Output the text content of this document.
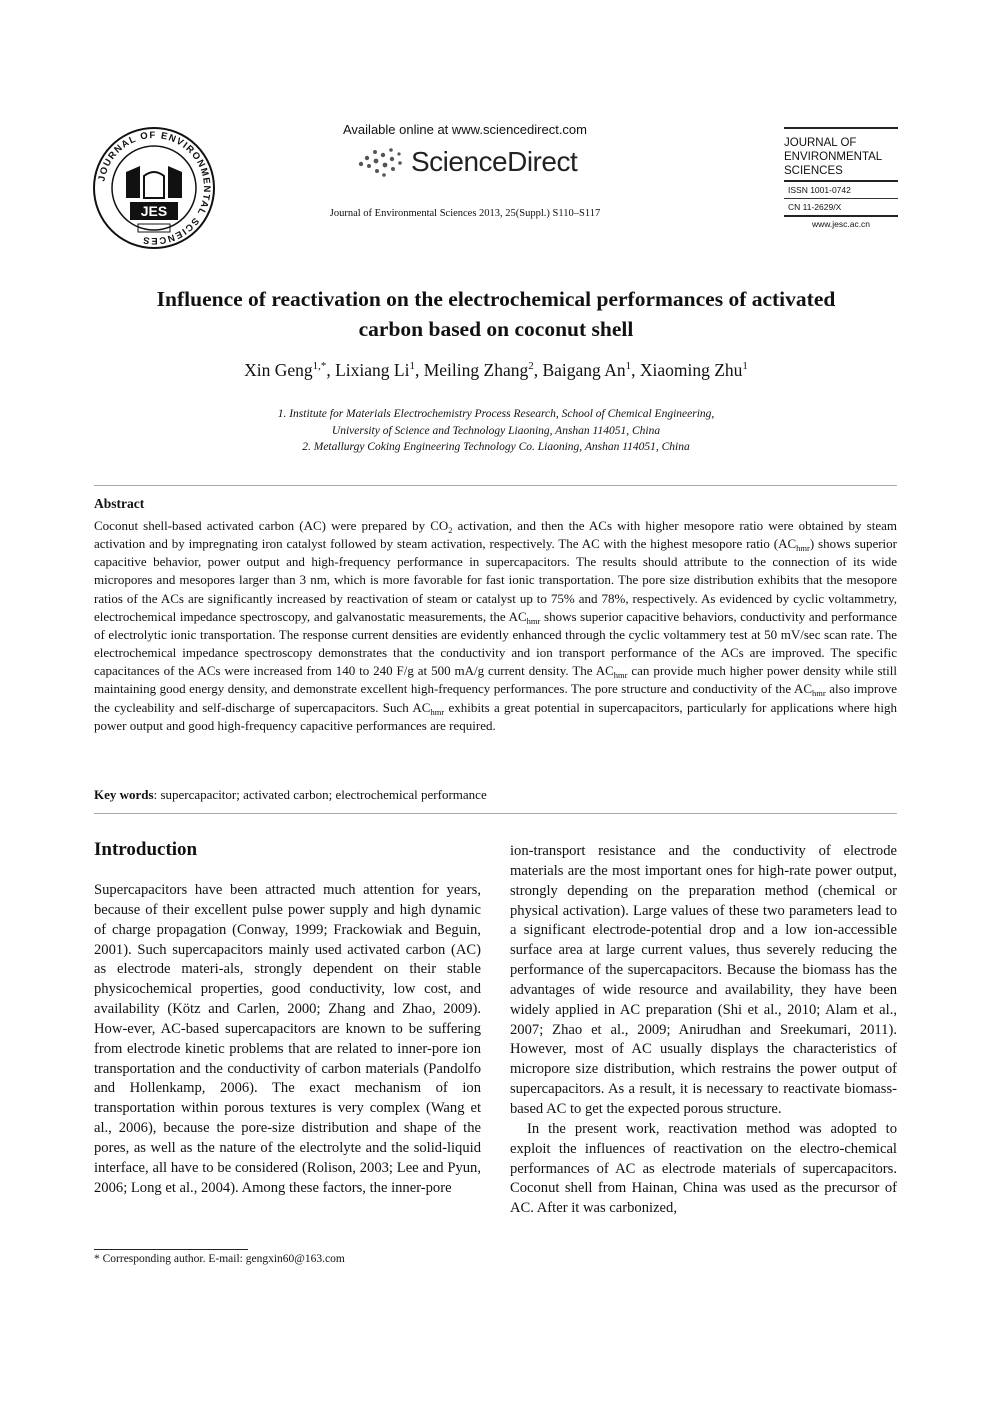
JOURNAL OF ENVIRONMENTAL SCIENCES
JES
Available online at www.sciencedirect.com
ScienceDirect
Journal of Environmental Sciences 2013, 25(Suppl.) S110–S117
JOURNAL OF
ENVIRONMENTAL
SCIENCES
ISSN 1001-0742
CN 11-2629/X
www.jesc.ac.cn
Influence of reactivation on the electrochemical performances of activated
carbon based on coconut shell
Xin Geng$^{1,*}$, Lixiang Li$^1$, Meiling Zhang$^2$, Baigang An$^1$, Xiaoming Zhu$^1$
1. Institute for Materials Electrochemistry Process Research, School of Chemical Engineering,
University of Science and Technology Liaoning, Anshan 114051, China
2. Metallurgy Coking Engineering Technology Co. Liaoning, Anshan 114051, China
Abstract
Coconut shell-based activated carbon (AC) were prepared by $CO_2$ activation, and then the ACs with higher mesopore ratio were obtained by steam activation and by impregnating iron catalyst followed by steam activation, respectively. The AC with the highest mesopore ratio $(AC_{hmr})$ shows superior capacitive behavior, power output and high-frequency performance in supercapacitors. The results should attribute to the connection of its wide micropores and mesopores larger than 3 nm, which is more favorable for fast ionic transportation. The pore size distribution exhibits that the mesopore ratios of the ACs are significantly increased by reactivation of steam or catalyst up to 75% and 78%, respectively. As evidenced by cyclic voltammetry, electrochemical impedance spectroscopy, and galvanostatic measurements, the $AC_{hmr}$ shows superior capacitive behaviors, conductivity and performance of electrolytic ionic transportation. The response current densities are evidently enhanced through the cyclic voltammery test at 50 mV/sec scan rate. The electrochemical impedance spectroscopy demonstrates that the conductivity and ion transport performance of the ACs are improved. The specific capacitances of the ACs were increased from 140 to 240 F/g at 500 mA/g current density. The $AC_{hmr}$ can provide much higher power density while still maintaining good energy density, and demonstrate excellent high-frequency performances. The pore structure and conductivity of the $AC_{hmr}$ also improve the cycleability and self-discharge of supercapacitors. Such $AC_{hmr}$ exhibits a great potential in supercapacitors, particularly for applications where high power output and good high-frequency capacitive performances are required.
Key words: supercapacitor; activated carbon; electrochemical performance
Introduction

Supercapacitors have been attracted much attention for years, because of their excellent pulse power supply and high dynamic of charge propagation (Conway, 1999; Frackowiak and Beguin, 2001). Such supercapacitors mainly used activated carbon (AC) as electrode materi-als, strongly dependent on their stable physicochemical properties, good conductivity, low cost, and availability (Kötz and Carlen, 2000; Zhang and Zhao, 2009). How-ever, AC-based supercapacitors are known to be suffering from electrode kinetic problems that are related to inner-pore ion transportation and the conductivity of carbon materials (Pandolfo and Hollenkamp, 2006). The exact mechanism of ion transportation within porous textures is very complex (Wang et al., 2006), because the pore-size distribution and shape of the pores, as well as the nature of the electrolyte and the solid-liquid interface, all have to be considered (Rolison, 2003; Lee and Pyun, 2006; Long et al., 2004). Among these factors, the inner-pore

ion-transport resistance and the conductivity of electrode materials are the most important ones for high-rate power output, strongly depending on the preparation method (chemical or physical activation). Large values of these two parameters lead to a significant electrode-potential drop and a low ion-accessible surface area at large current values, thus severely reducing the performance of the supercapacitors. Because the biomass has the advantages of wide resource and availability, they have been widely applied in AC preparation (Shi et al., 2010; Alam et al., 2007; Zhao et al., 2009; Anirudhan and Sreekumari, 2011). However, most of AC usually displays the characteristics of micropore size distribution, which restrains the power output of supercapacitors. As a result, it is necessary to reactivate biomass-based AC to get the expected porous structure.

In the present work, reactivation method was adopted to exploit the influences of reactivation on the electro-chemical performances of AC as electrode materials of supercapacitors. Coconut shell from Hainan, China was used as the precursor of AC. After it was carbonized,

* Corresponding author. E-mail: gengxin60@163.com
